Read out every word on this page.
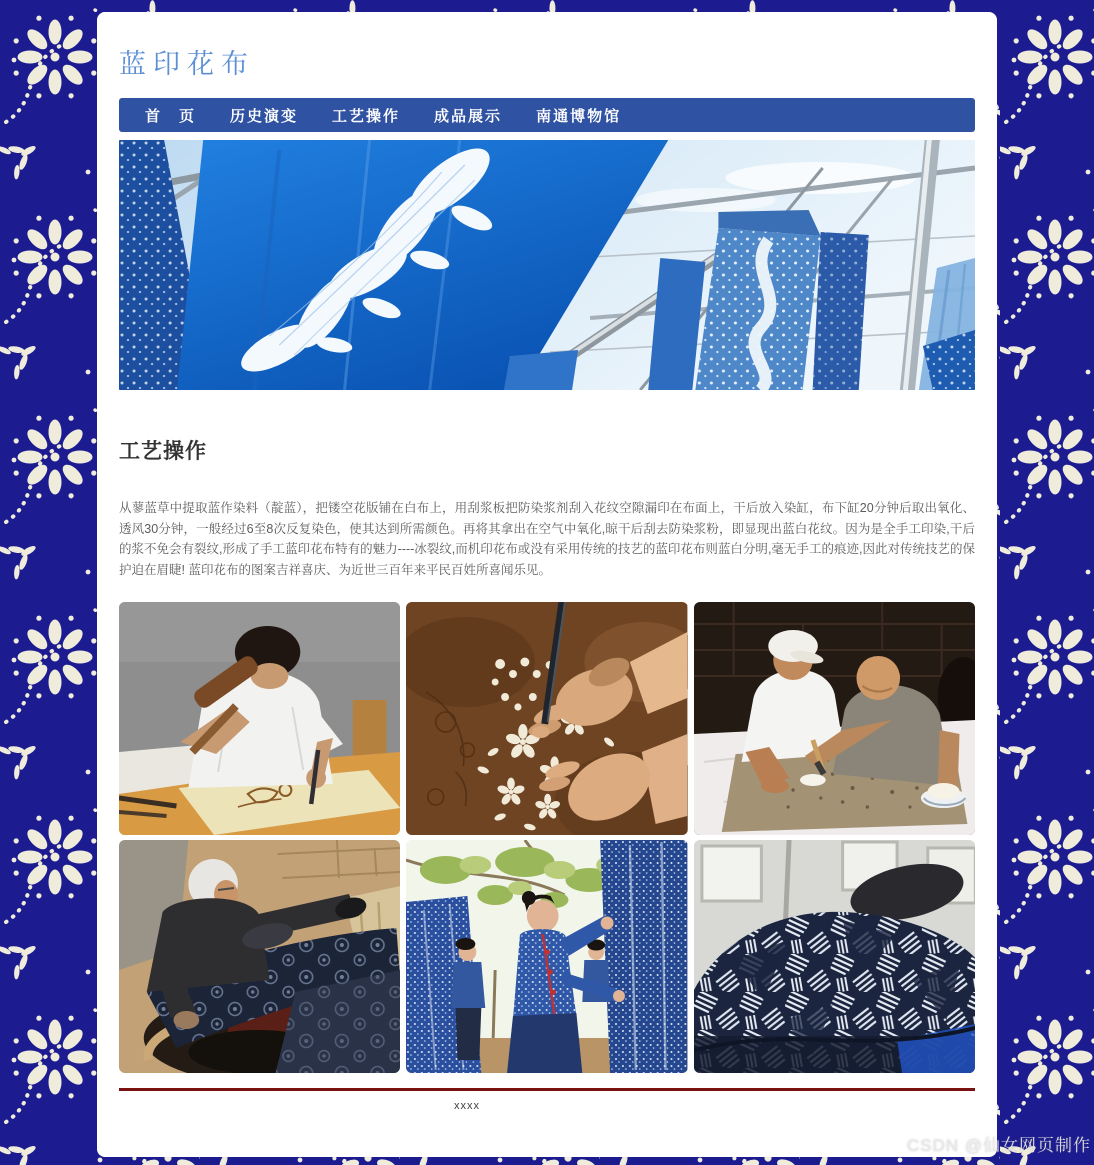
蓝印花布
首　页 历史演变 工艺操作 成品展示 南通博物馆
工艺操作

从蓼蓝草中提取蓝作染料（靛蓝），把镂空花版铺在白布上，用刮浆板把防染浆剂刮入花纹空隙漏印在布面上，干后放入染缸，布下缸20分钟后取出氧化、透风30分钟，一般经过6至8次反复染色，使其达到所需颜色。再将其拿出在空气中氧化,晾干后刮去防染浆粉，即显现出蓝白花纹。因为是全手工印染,干后的浆不免会有裂纹,形成了手工蓝印花布特有的魅力----冰裂纹,而机印花布或没有采用传统的技艺的蓝印花布则蓝白分明,毫无手工的痕迹,因此对传统技艺的保护迫在眉睫! 蓝印花布的图案吉祥喜庆、为近世三百年来平民百姓所喜闻乐见。

xxxx
CSDN @仙女网页制作
